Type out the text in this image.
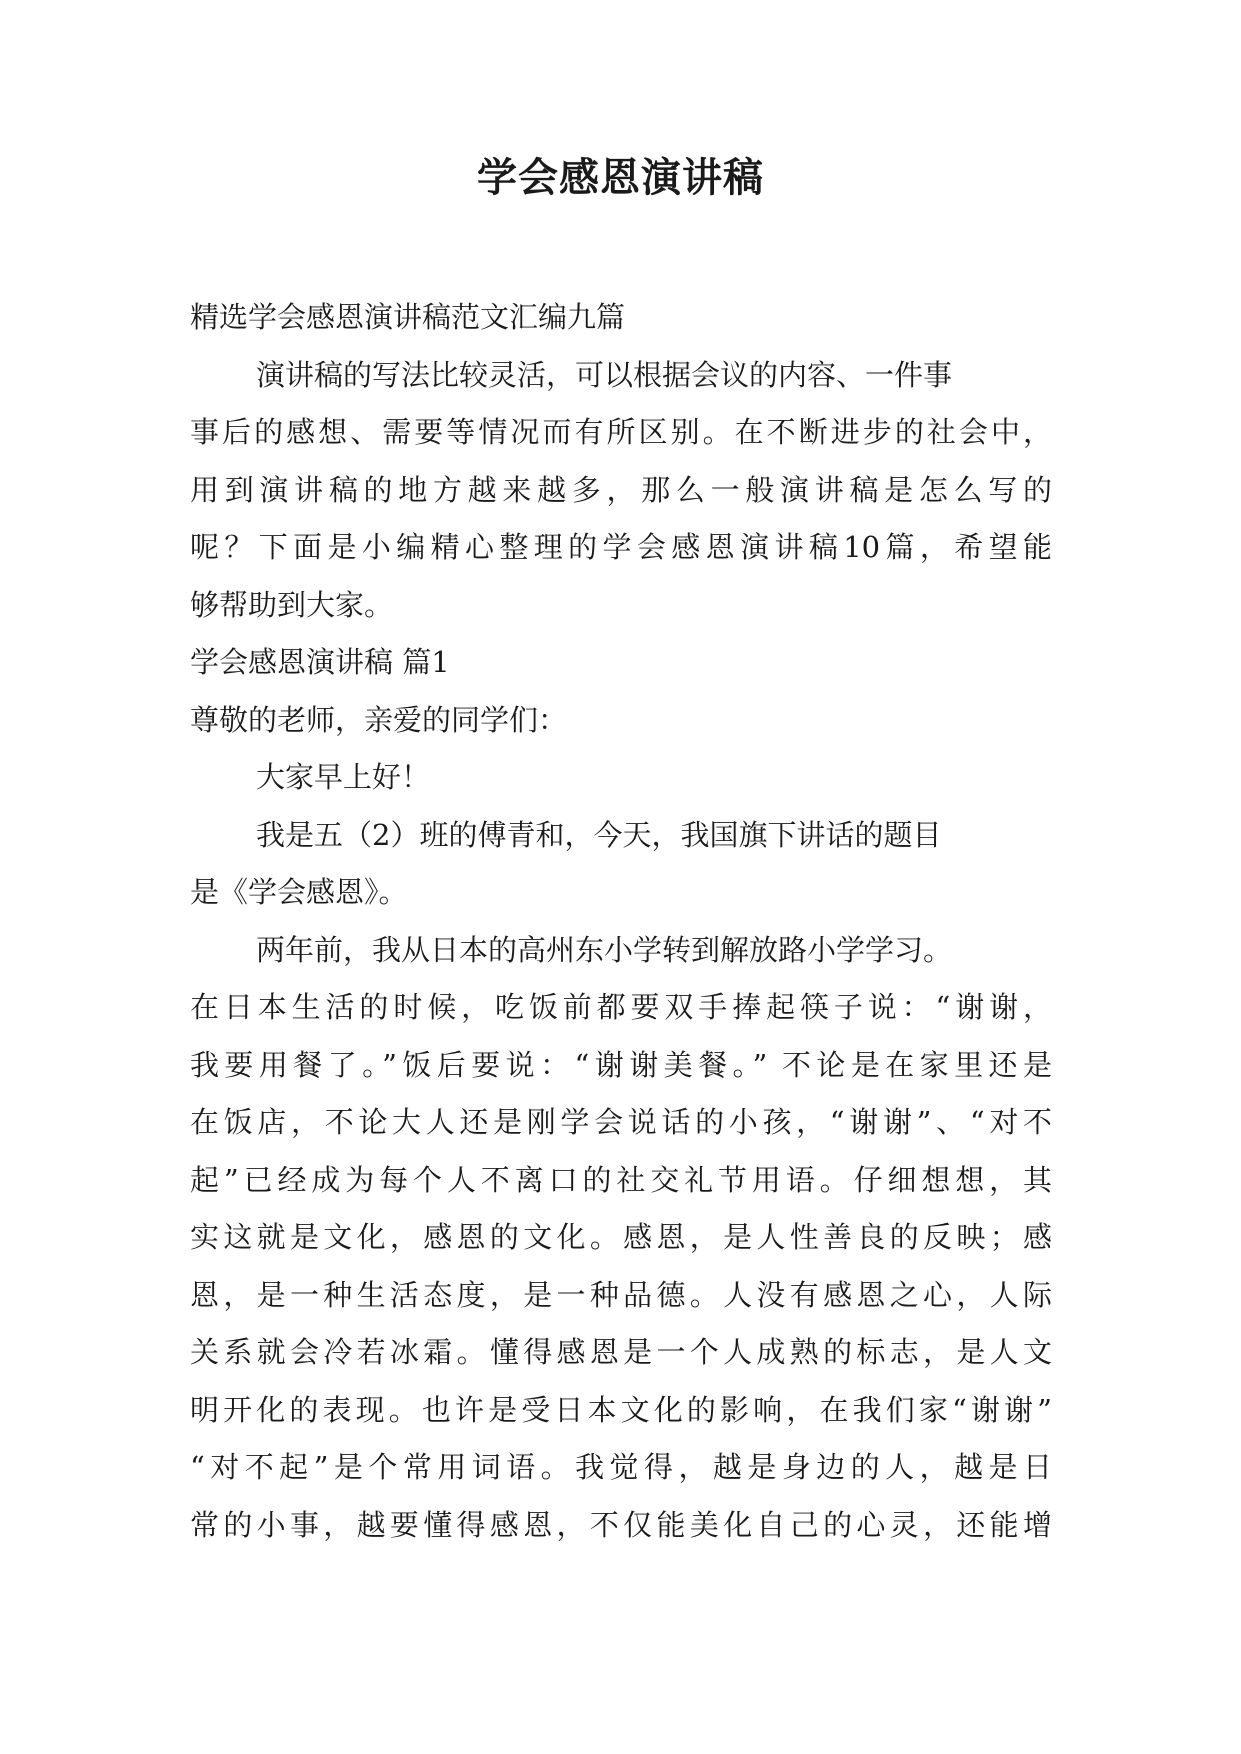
学会感恩演讲稿

精选学会感恩演讲稿范文汇编九篇

演讲稿的写法比较灵活，可以根据会议的内容、一件事

事后的感想、需要等情况而有所区别。在不断进步的社会中，

用到演讲稿的地方越来越多，那么一般演讲稿是怎么写的

呢？下面是小编精心整理的学会感恩演讲稿10篇，希望能

够帮助到大家。

学会感恩演讲稿 篇1

尊敬的老师，亲爱的同学们：

大家早上好！

我是五（2）班的傅青和，今天，我国旗下讲话的题目

是《学会感恩》。

两年前，我从日本的高州东小学转到解放路小学学习。

在日本生活的时候，吃饭前都要双手捧起筷子说：“谢谢，

我要用餐了。”饭后要说：“谢谢美餐。” 不论是在家里还是

在饭店，不论大人还是刚学会说话的小孩，“谢谢”、“对不

起”已经成为每个人不离口的社交礼节用语。仔细想想，其

实这就是文化，感恩的文化。感恩，是人性善良的反映；感

恩，是一种生活态度，是一种品德。人没有感恩之心，人际

关系就会冷若冰霜。懂得感恩是一个人成熟的标志，是人文

明开化的表现。也许是受日本文化的影响，在我们家“谢谢”

“对不起”是个常用词语。我觉得，越是身边的人，越是日

常的小事，越要懂得感恩，不仅能美化自己的心灵，还能增
